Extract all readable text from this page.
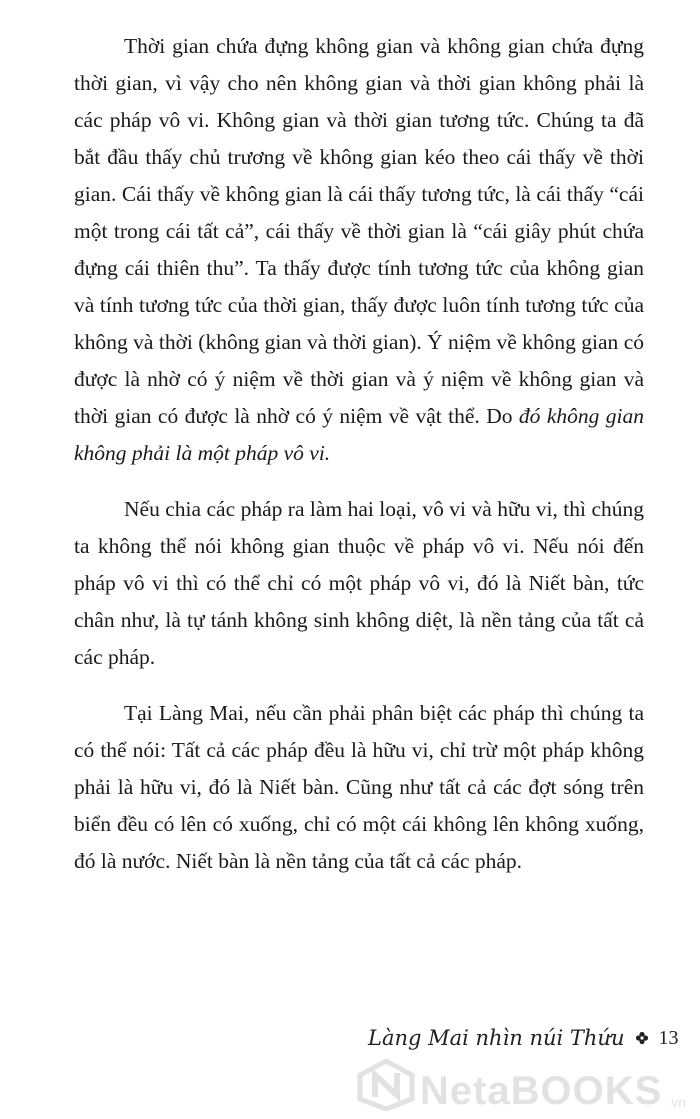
Thời gian chứa đựng không gian và không gian chứa đựng thời gian, vì vậy cho nên không gian và thời gian không phải là các pháp vô vi. Không gian và thời gian tương tức. Chúng ta đã bắt đầu thấy chủ trương về không gian kéo theo cái thấy về thời gian. Cái thấy về không gian là cái thấy tương tức, là cái thấy “cái một trong cái tất cả”, cái thấy về thời gian là “cái giây phút chứa đựng cái thiên thu”. Ta thấy được tính tương tức của không gian và tính tương tức của thời gian, thấy được luôn tính tương tức của không và thời (không gian và thời gian). Ý niệm về không gian có được là nhờ có ý niệm về thời gian và ý niệm về không gian và thời gian có được là nhờ có ý niệm về vật thể. Do đó không gian không phải là một pháp vô vi.

Nếu chia các pháp ra làm hai loại, vô vi và hữu vi, thì chúng ta không thể nói không gian thuộc về pháp vô vi. Nếu nói đến pháp vô vi thì có thể chỉ có một pháp vô vi, đó là Niết bàn, tức chân như, là tự tánh không sinh không diệt, là nền tảng của tất cả các pháp.

Tại Làng Mai, nếu cần phải phân biệt các pháp thì chúng ta có thể nói: Tất cả các pháp đều là hữu vi, chỉ trừ một pháp không phải là hữu vi, đó là Niết bàn. Cũng như tất cả các đợt sóng trên biển đều có lên có xuống, chỉ có một cái không lên không xuống, đó là nước. Niết bàn là nền tảng của tất cả các pháp.

Làng Mai nhìn núi Thứu 13
NetaBOOKS .vn
